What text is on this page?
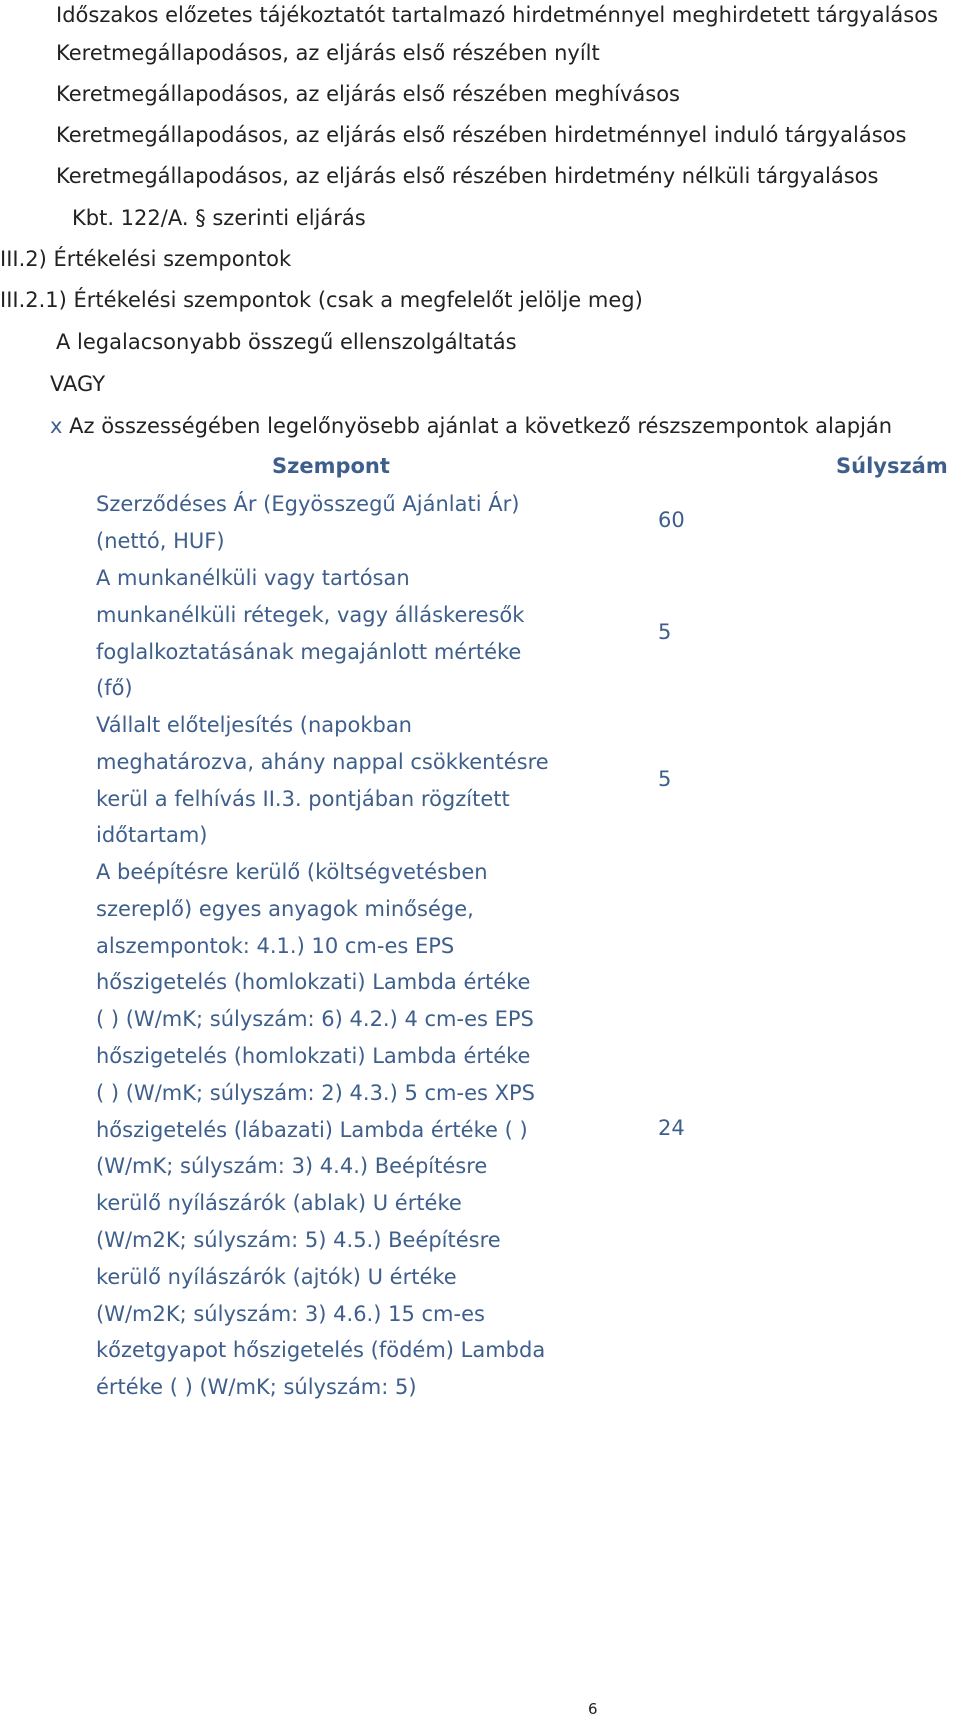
Időszakos előzetes tájékoztatót tartalmazó hirdetménnyel meghirdetett tárgyalásos
Keretmegállapodásos, az eljárás első részében nyílt
Keretmegállapodásos, az eljárás első részében meghívásos
Keretmegállapodásos, az eljárás első részében hirdetménnyel induló tárgyalásos
Keretmegállapodásos, az eljárás első részében hirdetmény nélküli tárgyalásos
Kbt. 122/A. § szerinti eljárás
III.2) Értékelési szempontok
III.2.1) Értékelési szempontok (csak a megfelelőt jelölje meg)
A legalacsonyabb összegű ellenszolgáltatás
VAGY
x Az összességében legelőnyösebb ajánlat a következő részszempontok alapján
Szempont	Súlyszám
Szerződéses Ár (Egyösszegű Ajánlati Ár)
(nettó, HUF)
60
A munkanélküli vagy tartósan
munkanélküli rétegek, vagy álláskeresők
foglalkoztatásának megajánlott mértéke
(fő)
5
Vállalt előteljesítés (napokban
meghatározva, ahány nappal csökkentésre
kerül a felhívás II.3. pontjában rögzített
időtartam)
5
A beépítésre kerülő (költségvetésben
szereplő) egyes anyagok minősége,
alszempontok: 4.1.) 10 cm-es EPS
hőszigetelés (homlokzati) Lambda értéke
( ) (W/mK; súlyszám: 6) 4.2.) 4 cm-es EPS
hőszigetelés (homlokzati) Lambda értéke
( ) (W/mK; súlyszám: 2) 4.3.) 5 cm-es XPS
hőszigetelés (lábazati) Lambda értéke ( )
(W/mK; súlyszám: 3) 4.4.) Beépítésre
kerülő nyílászárók (ablak) U értéke
(W/m2K; súlyszám: 5) 4.5.) Beépítésre
kerülő nyílászárók (ajtók) U értéke
(W/m2K; súlyszám: 3) 4.6.) 15 cm-es
kőzetgyapot hőszigetelés (födém) Lambda
értéke ( ) (W/mK; súlyszám: 5)
24
6
